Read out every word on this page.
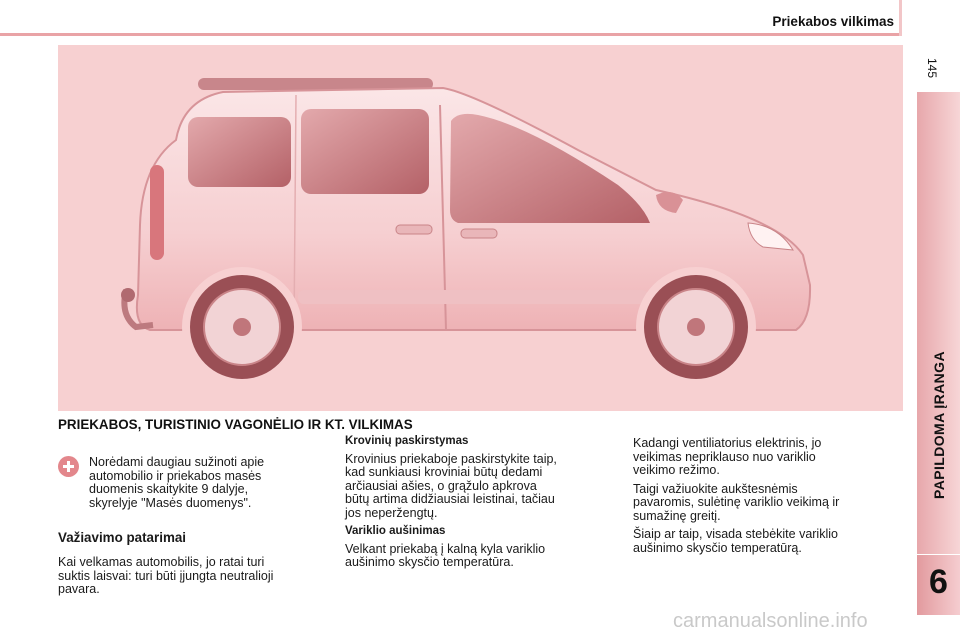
Priekabos vilkimas
145
PAPILDOMA ĮRANGA
6
PRIEKABOS, TURISTINIO VAGONĖLIO IR KT. VILKIMAS
Norėdami daugiau sužinoti apie
automobilio ir priekabos masės
duomenis skaitykite 9 dalyje,
skyrelyje "Masės duomenys".
Važiavimo patarimai
Kai velkamas automobilis, jo ratai turi
suktis laisvai: turi būti įjungta neutralioji
pavara.
Krovinių paskirstymas

Krovinius priekaboje paskirstykite taip,
kad sunkiausi kroviniai būtų dedami
arčiausiai ašies, o grąžulo apkrova
būtų artima didžiausiai leistinai, tačiau
jos neperžengtų.

Variklio aušinimas

Velkant priekabą į kalną kyla variklio
aušinimo skysčio temperatūra.

Kadangi ventiliatorius elektrinis, jo
veikimas nepriklauso nuo variklio
veikimo režimo.

Taigi važiuokite aukštesnėmis
pavaromis, sulėtinę variklio veikimą ir
sumažinę greitį.

Šiaip ar taip, visada stebėkite variklio
aušinimo skysčio temperatūrą.

carmanualsonline.info
